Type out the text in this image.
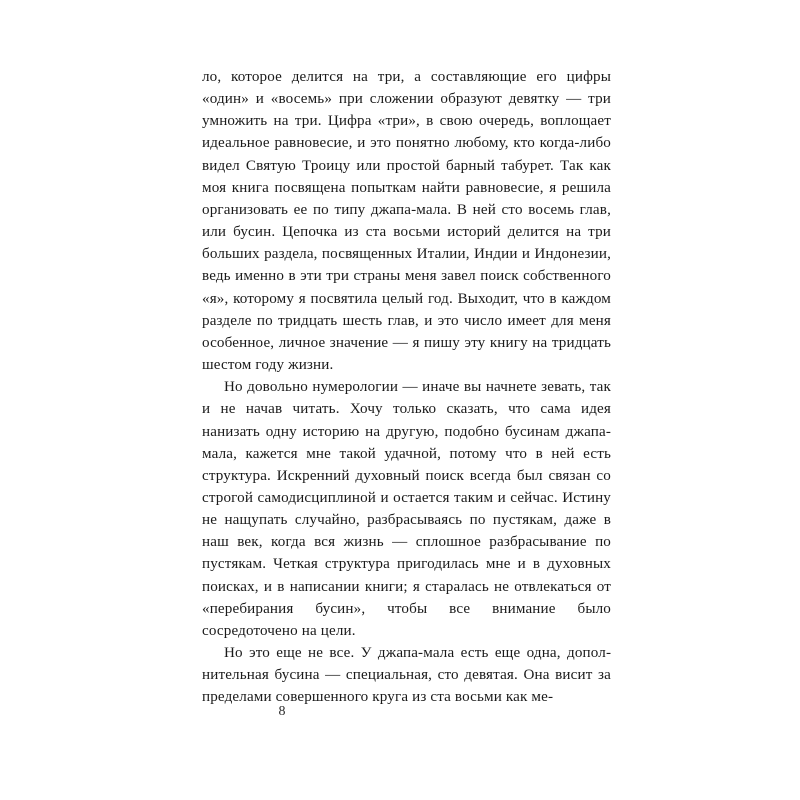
ло, которое делится на три, а составляющие его цифры «один» и «восемь» при сложении образуют девятку — три умножить на три. Цифра «три», в свою очередь, воплощает идеальное равновесие, и это понятно любому, кто когда-либо видел Святую Троицу или простой барный табурет. Так как моя книга посвящена попыткам найти равновесие, я решила организовать ее по типу джапа-мала. В ней сто восемь глав, или бусин. Цепочка из ста восьми историй делится на три больших раздела, посвященных Италии, Индии и Индонезии, ведь именно в эти три страны меня завел поиск собственного «я», которому я посвятила целый год. Выходит, что в каждом разделе по тридцать шесть глав, и это число имеет для меня особенное, личное значение — я пишу эту книгу на тридцать шестом году жизни.

Но довольно нумерологии — иначе вы начнете зевать, так и не начав читать. Хочу только сказать, что сама идея нанизать одну историю на другую, подобно бусинам джапа-мала, кажется мне такой удачной, потому что в ней есть структура. Искренний духовный поиск всегда был связан со строгой самодисциплиной и остается таким и сейчас. Истину не нащупать случайно, разбрасываясь по пустякам, даже в наш век, когда вся жизнь — сплошное разбрасывание по пустякам. Четкая структура пригодилась мне и в духовных поисках, и в написании книги; я старалась не отвлекаться от «перебирания бусин», чтобы все внимание было сосредоточено на цели.

Но это еще не все. У джапа-мала есть еще одна, дополнительная бусина — специальная, сто девятая. Она висит за пределами совершенного круга из ста восьми как ме-

8
